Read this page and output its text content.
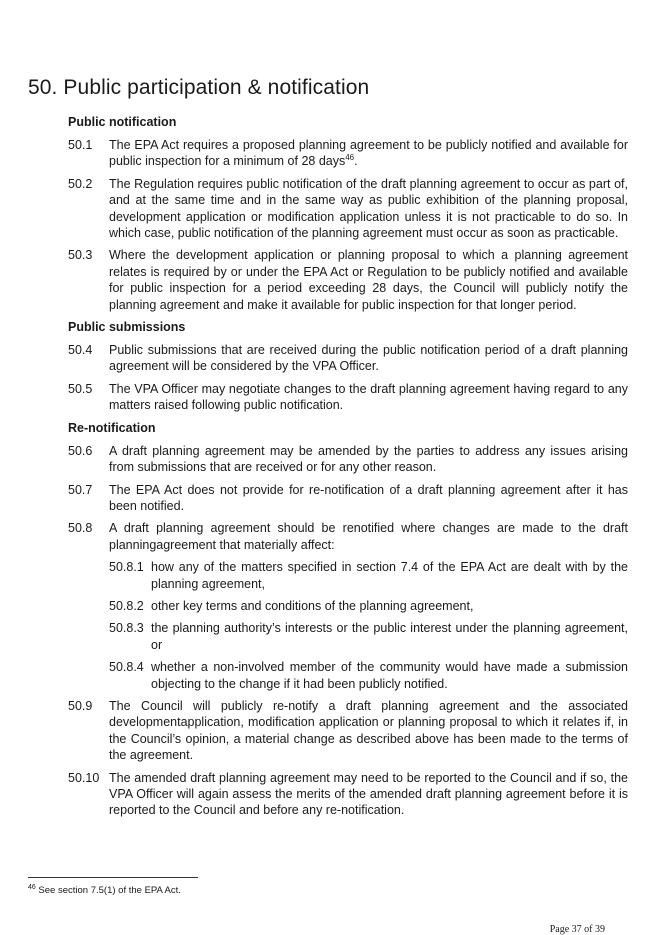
50. Public participation & notification
Public notification
50.1	The EPA Act requires a proposed planning agreement to be publicly notified and available for public inspection for a minimum of 28 days$^{46}$.
50.2	The Regulation requires public notification of the draft planning agreement to occur as part of, and at the same time and in the same way as public exhibition of the planning proposal, development application or modification application unless it is not practicable to do so. In which case, public notification of the planning agreement must occur as soon as practicable.
50.3	Where the development application or planning proposal to which a planning agreement relates is required by or under the EPA Act or Regulation to be publicly notified and available for public inspection for a period exceeding 28 days, the Council will publicly notify the planning agreement and make it available for public inspection for that longer period.
Public submissions
50.4	Public submissions that are received during the public notification period of a draft planning agreement will be considered by the VPA Officer.
50.5	The VPA Officer may negotiate changes to the draft planning agreement having regard to any matters raised following public notification.
Re-notification
50.6	A draft planning agreement may be amended by the parties to address any issues arising from submissions that are received or for any other reason.
50.7	The EPA Act does not provide for re-notification of a draft planning agreement after it has been notified.
50.8	A draft planning agreement should be renotified where changes are made to the draft planningagreement that materially affect:
50.8.1 how any of the matters specified in section 7.4 of the EPA Act are dealt with by the planning agreement,
50.8.2 other key terms and conditions of the planning agreement,
50.8.3 the planning authority’s interests or the public interest under the planning agreement, or
50.8.4 whether a non-involved member of the community would have made a submission objecting to the change if it had been publicly notified.
50.9	The Council will publicly re-notify a draft planning agreement and the associated developmentapplication, modification application or planning proposal to which it relates if, in the Council’s opinion, a material change as described above has been made to the terms of the agreement.
50.10 The amended draft planning agreement may need to be reported to the Council and if so, the VPA Officer will again assess the merits of the amended draft planning agreement before it is reported to the Council and before any re-notification.
$^{46}$ See section 7.5(1) of the EPA Act.
Page 37 of 39
